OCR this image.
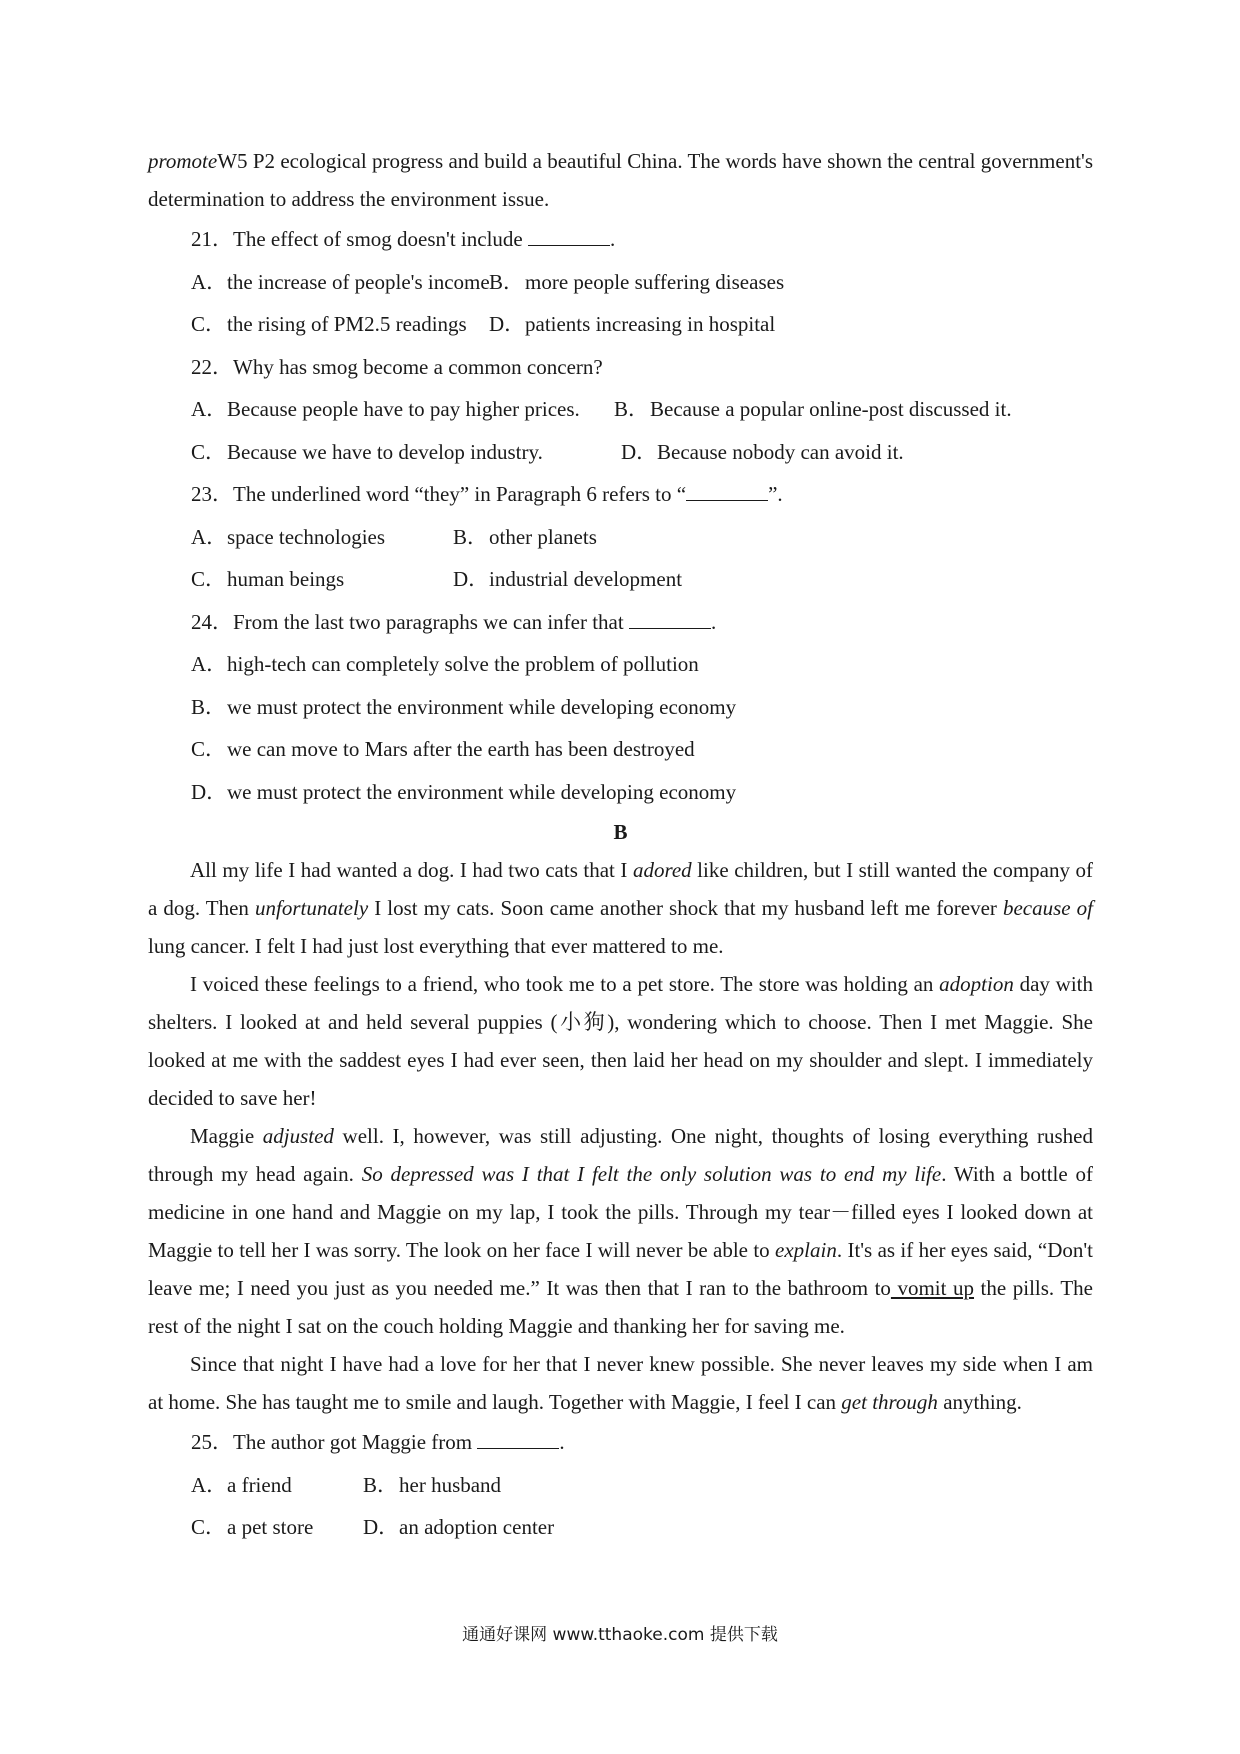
promoteW5 P2 ecological progress and build a beautiful China. The words have shown the central government's determination to address the environment issue.

21．The effect of smog doesn't include	.

A．the increase of people's incomeB．more people suffering diseases

C．the rising of PM2.5 readings D．patients increasing in hospital

22．Why has smog become a common concern?

A．Because people have to pay higher prices. B．Because a popular online-post discussed it.

C．Because we have to develop industry.	D．Because nobody can avoid it.

23．The underlined word “they” in Paragraph 6 refers to “	”.

A．space technologies	B．other planets

C．human beings	D．industrial development

24．From the last two paragraphs we can infer that	.

A．high-tech can completely solve the problem of pollution

B．we must protect the environment while developing economy

C．we can move to Mars after the earth has been destroyed

D．we must protect the environment while developing economy

B

All my life I had wanted a dog. I had two cats that I adored like children, but I still wanted the company of a dog. Then unfortunately I lost my cats. Soon came another shock that my husband left me forever because of lung cancer. I felt I had just lost everything that ever mattered to me.

I voiced these feelings to a friend, who took me to a pet store. The store was holding an adoption day with shelters. I looked at and held several puppies (小狗), wondering which to choose. Then I met Maggie. She looked at me with the saddest eyes I had ever seen, then laid her head on my shoulder and slept. I immediately decided to save her!

Maggie adjusted well. I, however, was still adjusting. One night, thoughts of losing everything rushed through my head again. So depressed was I that I felt the only solution was to end my life. With a bottle of medicine in one hand and Maggie on my lap, I took the pills. Through my tear－filled eyes I looked down at Maggie to tell her I was sorry. The look on her face I will never be able to explain. It's as if her eyes said, “Don't leave me; I need you just as you needed me.” It was then that I ran to the bathroom to vomit up the pills. The rest of the night I sat on the couch holding Maggie and thanking her for saving me.

Since that night I have had a love for her that I never knew possible. She never leaves my side when I am at home. She has taught me to smile and laugh. Together with Maggie, I feel I can get through anything.

25．The author got Maggie from	.

A．a friend	B．her husband

C．a pet store D．an adoption center

通通好课网 www.tthaoke.com 提供下载
